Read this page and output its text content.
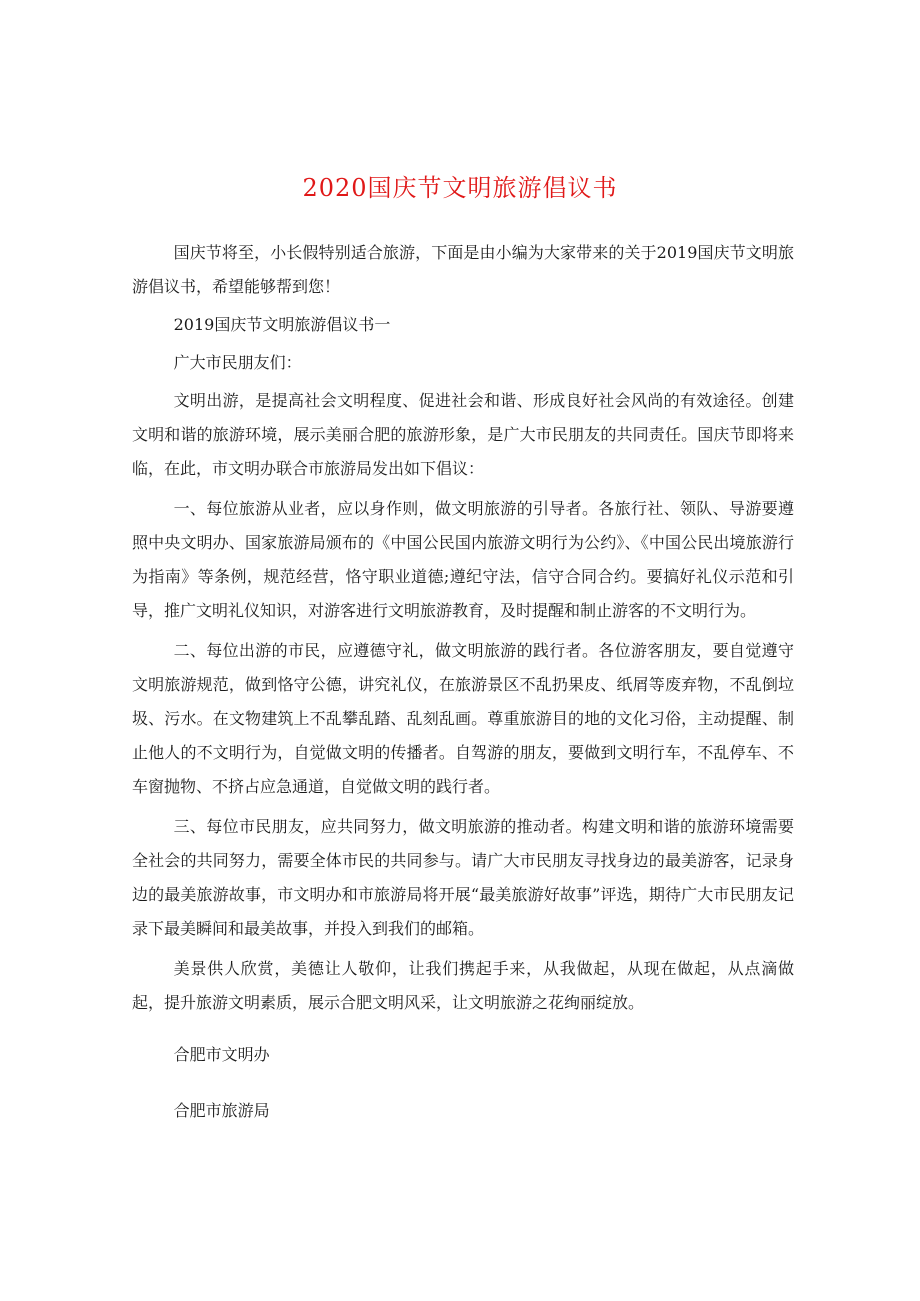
2020国庆节文明旅游倡议书

国庆节将至，小长假特别适合旅游，下面是由小编为大家带来的关于2019国庆节文明旅游倡议书，希望能够帮到您！

2019国庆节文明旅游倡议书一

广大市民朋友们：

文明出游，是提高社会文明程度、促进社会和谐、形成良好社会风尚的有效途径。创建文明和谐的旅游环境，展示美丽合肥的旅游形象，是广大市民朋友的共同责任。国庆节即将来临，在此，市文明办联合市旅游局发出如下倡议：

一、每位旅游从业者，应以身作则，做文明旅游的引导者。各旅行社、领队、导游要遵照中央文明办、国家旅游局颁布的《中国公民国内旅游文明行为公约》、《中国公民出境旅游行为指南》等条例，规范经营，恪守职业道德;遵纪守法，信守合同合约。要搞好礼仪示范和引导，推广文明礼仪知识，对游客进行文明旅游教育，及时提醒和制止游客的不文明行为。

二、每位出游的市民，应遵德守礼，做文明旅游的践行者。各位游客朋友，要自觉遵守文明旅游规范，做到恪守公德，讲究礼仪，在旅游景区不乱扔果皮、纸屑等废弃物，不乱倒垃圾、污水。在文物建筑上不乱攀乱踏、乱刻乱画。尊重旅游目的地的文化习俗，主动提醒、制止他人的不文明行为，自觉做文明的传播者。自驾游的朋友，要做到文明行车，不乱停车、不车窗抛物、不挤占应急通道，自觉做文明的践行者。

三、每位市民朋友，应共同努力，做文明旅游的推动者。构建文明和谐的旅游环境需要全社会的共同努力，需要全体市民的共同参与。请广大市民朋友寻找身边的最美游客，记录身边的最美旅游故事，市文明办和市旅游局将开展“最美旅游好故事”评选，期待广大市民朋友记录下最美瞬间和最美故事，并投入到我们的邮箱。

美景供人欣赏，美德让人敬仰，让我们携起手来，从我做起，从现在做起，从点滴做起，提升旅游文明素质，展示合肥文明风采，让文明旅游之花绚丽绽放。

合肥市文明办

合肥市旅游局
